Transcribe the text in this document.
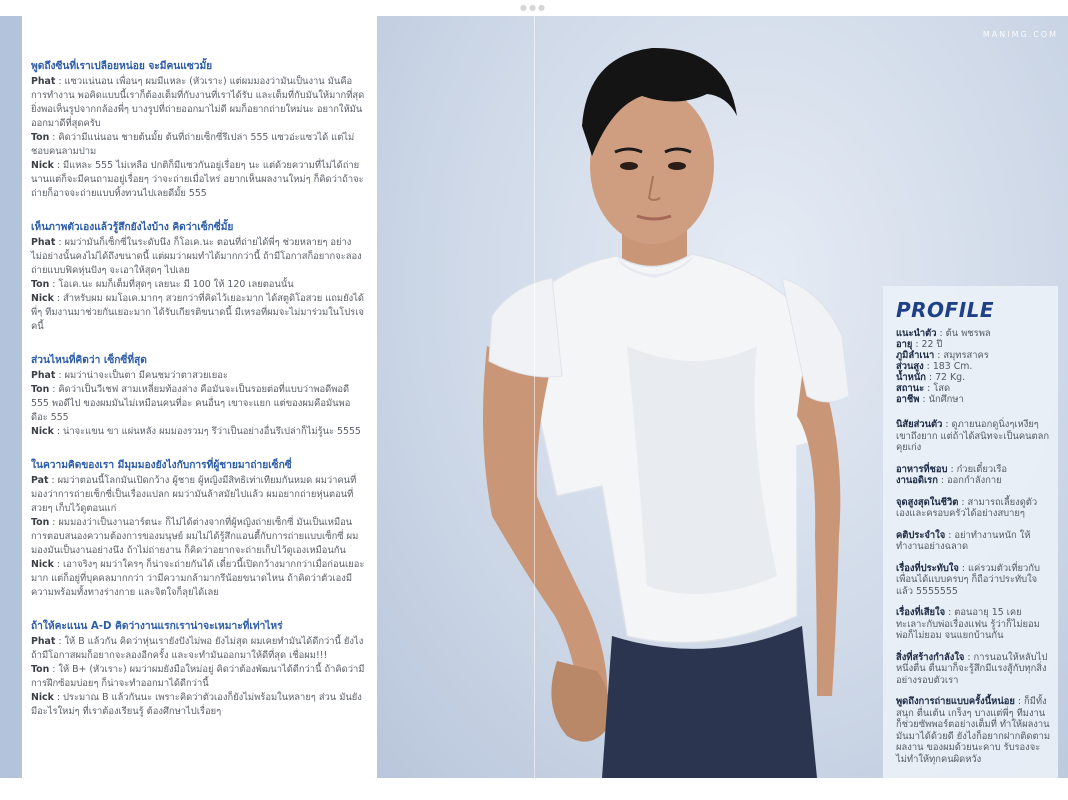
●●●
พูดถึงซีนที่เราเปลือยหน่อย จะมีคนแซวมั้ย
Phat : แซวแน่นอน เพื่อนๆ ผมมีแหละ (หัวเราะ) แต่ผมมองว่ามันเป็นงาน มันคือการทำงาน พอคิดแบบนี้เราก็ต้องเต็มที่กับงานที่เราได้รับ และเต็มที่กับมันให้มากที่สุด ยิ่งพอเห็นรูปจากกล้องพี่ๆ บางรูปที่ถ่ายออกมาไม่ดี ผมก็อยากถ่ายใหม่นะ อยากให้มันออกมาดีที่สุดครับ
Ton : คิดว่ามีแน่นอน ชายต้นมั้ย ต้นที่ถ่ายเซ็กซี่รึเปล่า 555 แซวอ่ะแซวได้ แต่ไม่ชอบคนลามปาม
Nick : มีแหละ 555 ไม่เหลือ ปกติก็มีแซวกันอยู่เรื่อยๆ นะ แต่ด้วยความที่ไม่ได้ถ่ายนานแต่ก็จะมีคนถามอยู่เรื่อยๆ ว่าจะถ่ายเมื่อไหร่ อยากเห็นผลงานใหม่ๆ ก็คิดว่าถ้าจะถ่ายก็อาจจะถ่ายแบบทิ้งทวนไปเลยดีมั้ย 555
เห็นภาพตัวเองแล้วรู้สึกยังไงบ้าง คิดว่าเซ็กซี่มั้ย
Phat : ผมว่ามันก็เซ็กซี่ในระดับนึง ก็โอเค.นะ ตอนที่ถ่ายได้พี่ๆ ช่วยหลายๆ อย่าง ไม่อย่างนั้นคงไม่ได้ถึงขนาดนี้ แต่ผมว่าผมทำได้มากกว่านี้ ถ้ามีโอกาสก็อยากจะลองถ่ายแบบฟิคหุ่นปังๆ จะเอาให้สุดๆ ไปเลย
Ton : โอเค.นะ ผมก็เต็มที่สุดๆ เลยนะ มี 100 ให้ 120 เลยตอนนั้น
Nick : สำหรับผม ผมโอเค.มากๆ สวยกว่าที่คิดไว้เยอะมาก ได้สตูดิโอสวย แถมยังได้พี่ๆ ทีมงานมาช่วยกันเยอะมาก ได้รับเกียรติขนาดนี้ มีเหรอที่ผมจะไม่มาร่วมในโปรเจคนี้
ส่วนไหนที่คิดว่า เซ็กซี่ที่สุด
Phat : ผมว่าน่าจะเป็นตา มีคนชมว่าตาสวยเยอะ
Ton : คิดว่าเป็นวีเชฟ สามเหลี่ยมท้องล่าง คือมันจะเป็นรอยต่อที่แบบว่าพอดีพอดี 555 พอดีไป ของผมมันไม่เหมือนคนที่อะ คนอื่นๆ เขาจะแยก แต่ของผมคือมันพอดีอะ 555
Nick : น่าจะแขน ขา แผ่นหลัง ผมมองรวมๆ รึว่าเป็นอย่างอื่นรึเปล่าก็ไม่รู้นะ 5555
ในความคิดของเรา มีมุมมองยังไงกับการที่ผู้ชายมาถ่ายเซ็กซี่
Pat : ผมว่าตอนนี้โลกมันเปิดกว้าง ผู้ชาย ผู้หญิงมีสิทธิเท่าเทียมกันหมด ผมว่าคนที่มองว่าการถ่ายเซ็กซี่เป็นเรื่องแปลก ผมว่ามันล้าสมัยไปแล้ว ผมอยากถ่ายหุ่นตอนที่สวยๆ เก็บไว้ดูตอนแก่
Ton : ผมมองว่าเป็นงานอาร์ตนะ ก็ไม่ได้ต่างจากที่ผู้หญิงถ่ายเซ็กซี่ มันเป็นเหมือนการตอบสนองความต้องการของมนุษย์ ผมไม่ได้รู้สึกแอนตี้กับการถ่ายแบบเซ็กซี่ ผมมองมันเป็นงานอย่างนึง ถ้าไม่ถ่ายงาน ก็คิดว่าอยากจะถ่ายเก็บไว้ดูเองเหมือนกัน
Nick : เอาจริงๆ ผมว่าใครๆ ก็น่าจะถ่ายกันได้ เดี๋ยวนี้เปิดกว้างมากกว่าเมื่อก่อนเยอะมาก แต่ก็อยู่ที่บุคคลมากกว่า ว่ามีความกล้ามากรึน้อยขนาดไหน ถ้าคิดว่าตัวเองมีความพร้อมทั้งทางร่างกาย และจิตใจก็ลุยได้เลย
ถ้าให้คะแนน A-D คิดว่างานแรกเราน่าจะเหมาะที่เท่าไหร่
Phat : ให้ B แล้วกัน คิดว่าหุ่นเรายังปังไม่พอ ยังไม่สุด ผมเคยทำมันได้ดีกว่านี้ ยังไงถ้ามีโอกาสผมก็อยากจะลองอีกครั้ง และจะทำมันออกมาให้ดีที่สุด เชื่อผม!!!
Ton : ให้ B+ (หัวเราะ) ผมว่าผมยังมือใหม่อยู่ คิดว่าต้องพัฒนาได้ดีกว่านี้ ถ้าคิดว่ามีการฝึกซ้อมบ่อยๆ ก็น่าจะทำออกมาได้ดีกว่านี้
Nick : ประมาณ B แล้วกันนะ เพราะคิดว่าตัวเองก็ยังไม่พร้อมในหลายๆ ส่วน มันยังมีอะไรใหม่ๆ ที่เราต้องเรียนรู้ ต้องศึกษาไปเรื่อยๆ
MANIMG.COM
PROFILE
แนะนำตัว : ต้น พชรพล
อายุ : 22 ปี
ภูมิลำเนา : สมุทรสาคร
ส่วนสูง : 183 Cm.
น้ำหนัก : 72 Kg.
สถานะ : โสด
อาชีพ : นักศึกษา
นิสัยส่วนตัว : ดูภายนอกดูนิ่งๆเหงียๆ เขาถึงยาก แต่ถ้าได้สนิทจะเป็นคนตลก คุยเก่ง
อาหารที่ชอบ : ก๋วยเตี๋ยวเรือ
งานอดิเรก : ออกกำลังกาย
จุดสูงสุดในชีวิต : สามารถเลี้ยงดูตัวเองและครอบครัวได้อย่างสบายๆ
คติประจำใจ : อย่าทำงานหนัก ให้ทำงานอย่างฉลาด
เรื่องที่ประทับใจ : แค่รวมตัวเที่ยวกับเพื่อนได้แบบครบๆ ก็ถือว่าประทับใจแล้ว 5555555
เรื่องที่เสียใจ : ตอนอายุ 15 เคยทะเลาะกับพ่อเรื่องแฟน รู้ว่าก็ไม่ยอมพ่อก็ไม่ยอม จนแยกบ้านกัน
สิ่งที่สร้างกำลังใจ : การนอนให้หลับไปหนึ่งตื่น ตื่นมาก็จะรู้สึกมีแรงสู้กับทุกสิ่งอย่างรอบตัวเรา
พูดถึงการถ่ายแบบครั้งนี้หน่อย : ก็มีทั้งสนุก ตื่นเต้น เกร็งๆ บางแต่พี่ๆ ทีมงานก็ช่วยซัพพอร์ตอย่างเต็มที่ ทำให้ผลงานมันมาได้ด้วยดี ยังไงก็อยากฝากติดตามผลงาน ของผมด้วยนะคาบ รับรองจะไม่ทำให้ทุกคนผิดหวัง
